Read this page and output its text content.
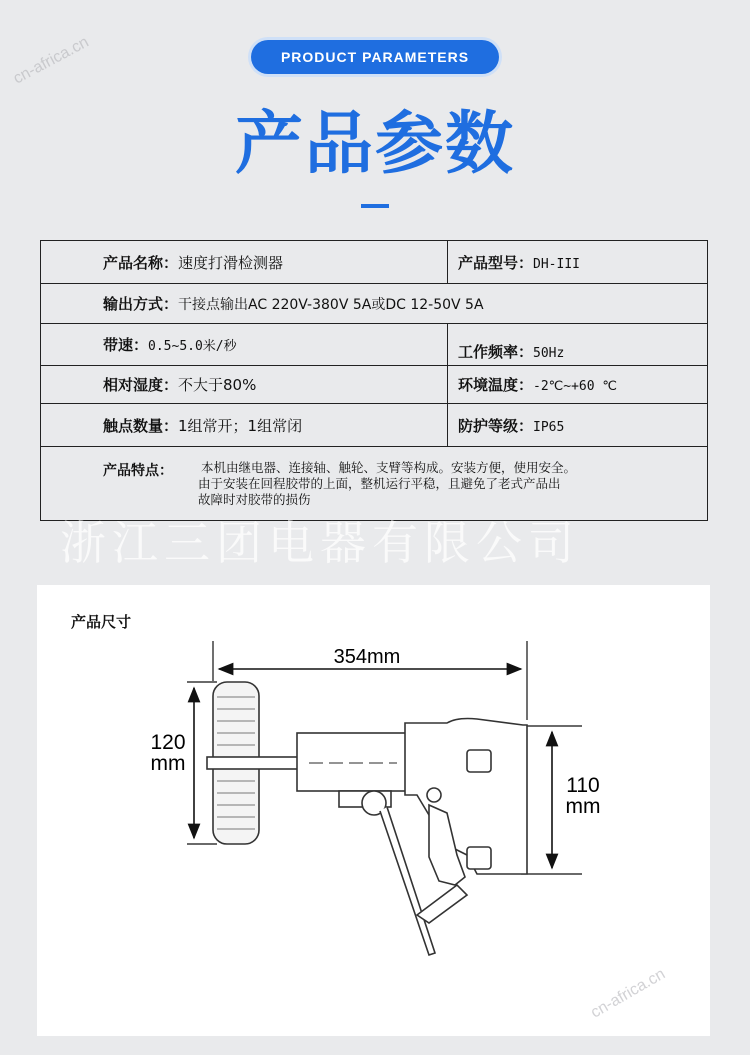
cn-africa.cn	PRODUCT PARAMETERS
产品参数
产品名称：速度打滑检测器	产品型号：DH-III
输出方式：干接点输出AC 220V-380V 5A或DC 12-50V 5A	
带速：0.5~5.0米/秒	工作频率：50Hz
相对湿度：不大于80%	环境温度：-2℃~+60 ℃
触点数量：1组常开；1组常闭	防护等级：IP65

产品特点： 本机由继电器、连接轴、触轮、支臂等构成。安装方便，使用安全。
由于安装在回程胶带的上面，整机运行平稳，且避免了老式产品出
故障时对胶带的损伤	
浙江三团电器有限公司
产品尺寸
354mm
120
mm
110
mm
cn-africa.cn
